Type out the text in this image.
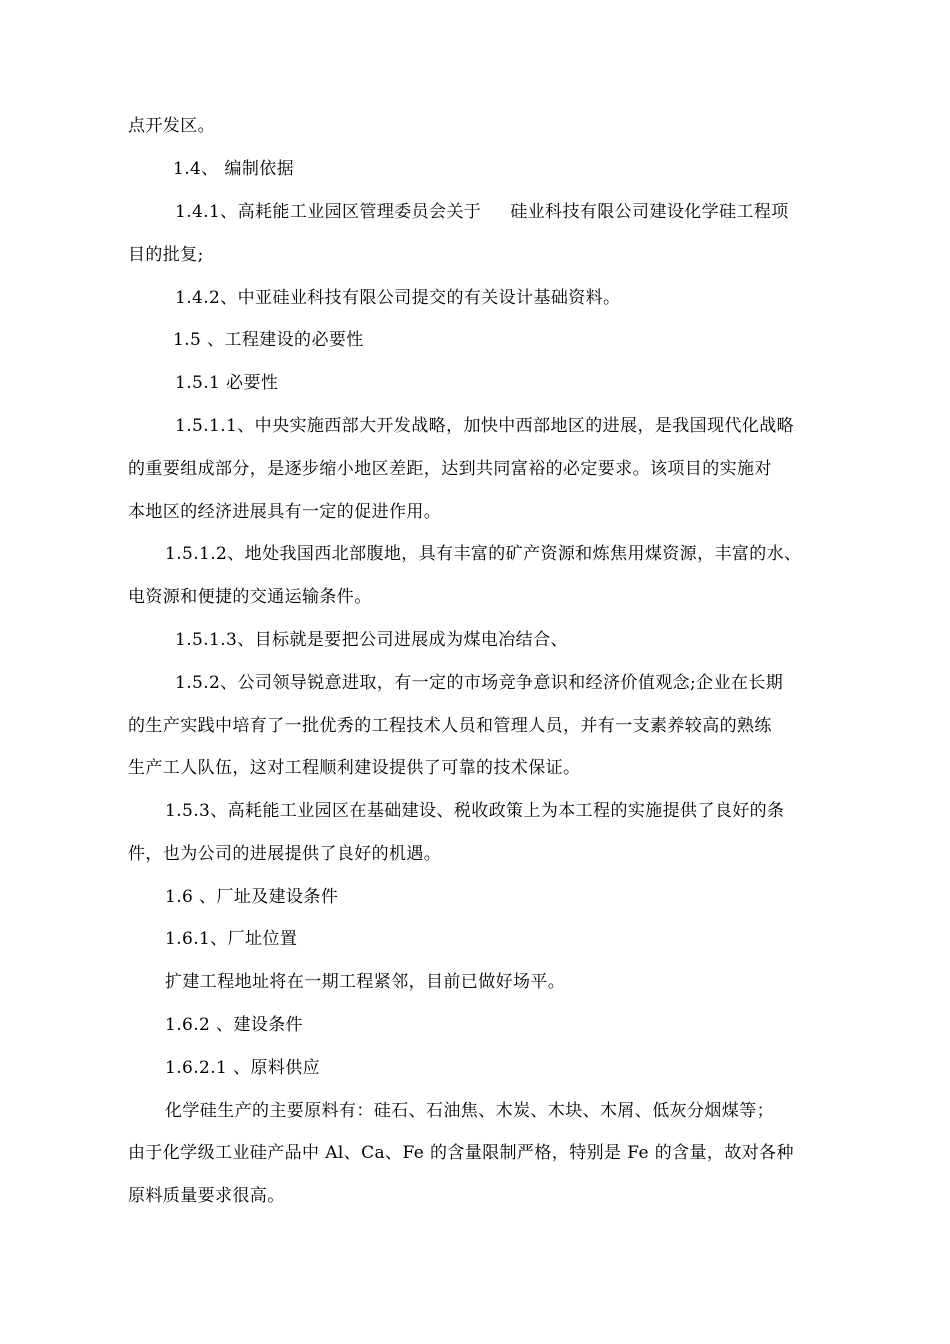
点开发区。
1.4、 编制依据
1.4.1、高耗能工业园区管理委员会关于 　 硅业科技有限公司建设化学硅工程项
目的批复;
1.4.2、中亚硅业科技有限公司提交的有关设计基础资料。
1.5 、工程建设的必要性
1.5.1 必要性
1.5.1.1、中央实施西部大开发战略，加快中西部地区的进展，是我国现代化战略
的重要组成部分，是逐步缩小地区差距，达到共同富裕的必定要求。该项目的实施对
本地区的经济进展具有一定的促进作用。
1.5.1.2、地处我国西北部腹地，具有丰富的矿产资源和炼焦用煤资源，丰富的水、
电资源和便捷的交通运输条件。
1.5.1.3、目标就是要把公司进展成为煤电冶结合、
1.5.2、公司领导锐意进取，有一定的市场竞争意识和经济价值观念;企业在长期
的生产实践中培育了一批优秀的工程技术人员和管理人员，并有一支素养较高的熟练
生产工人队伍，这对工程顺利建设提供了可靠的技术保证。
1.5.3、高耗能工业园区在基础建设、税收政策上为本工程的实施提供了良好的条
件，也为公司的进展提供了良好的机遇。
1.6 、厂址及建设条件
1.6.1、厂址位置
扩建工程地址将在一期工程紧邻，目前已做好场平。
1.6.2 、建设条件
1.6.2.1 、原料供应
化学硅生产的主要原料有：硅石、石油焦、木炭、木块、木屑、低灰分烟煤等；
由于化学级工业硅产品中 Al、Ca、Fe 的含量限制严格，特别是 Fe 的含量，故对各种
原料质量要求很高。
